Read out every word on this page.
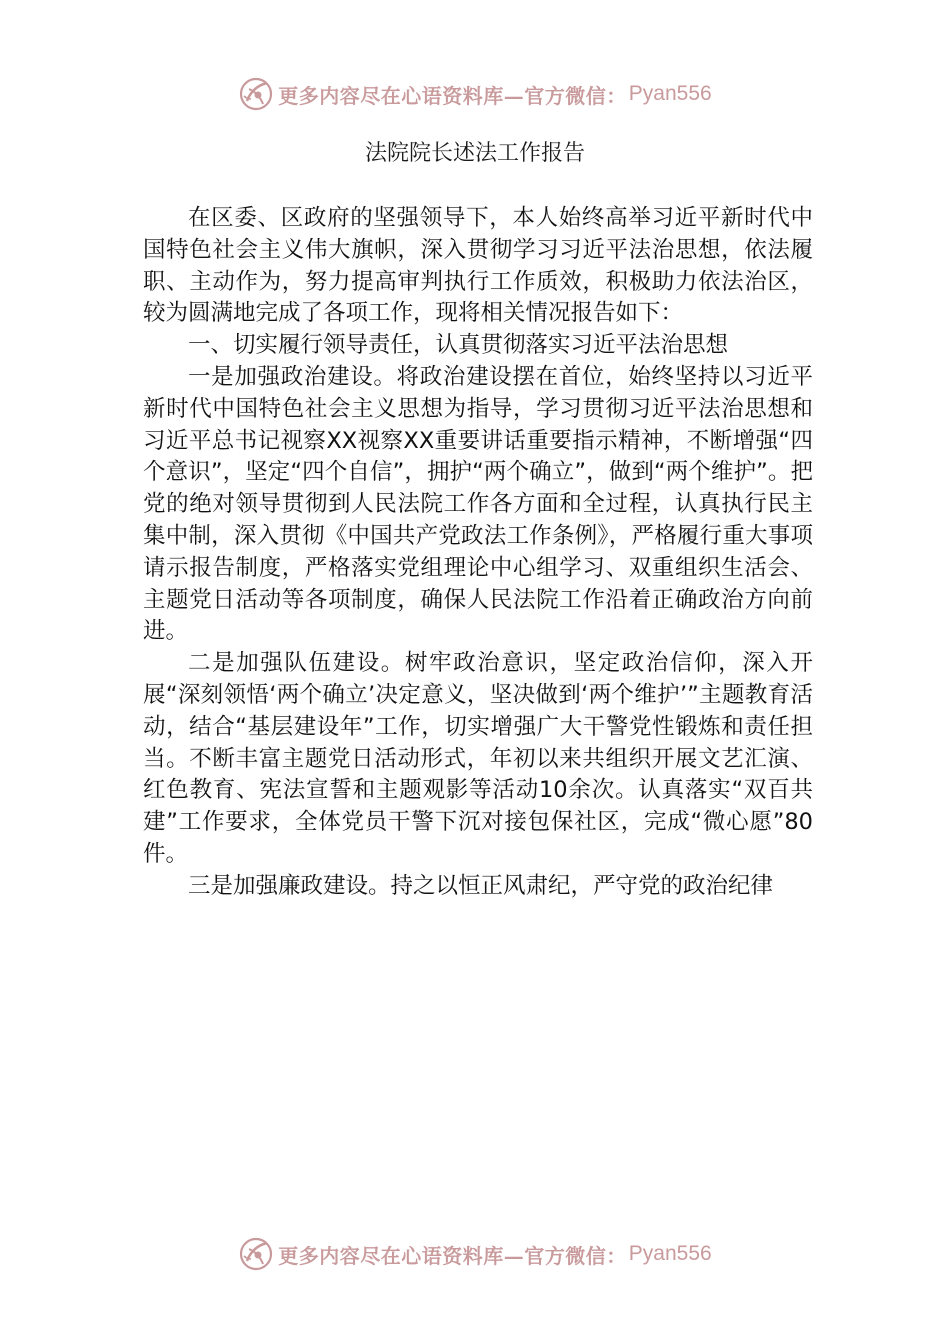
更多内容尽在心语资料库—官方微信： Pyan556
法院院长述法工作报告

在区委、区政府的坚强领导下，本人始终高举习近平新时代中国特色社会主义伟大旗帜，深入贯彻学习习近平法治思想，依法履职、主动作为，努力提高审判执行工作质效，积极助力依法治区，较为圆满地完成了各项工作，现将相关情况报告如下：

一、切实履行领导责任，认真贯彻落实习近平法治思想

一是加强政治建设。将政治建设摆在首位，始终坚持以习近平新时代中国特色社会主义思想为指导，学习贯彻习近平法治思想和习近平总书记视察XX视察XX重要讲话重要指示精神，不断增强“四个意识”，坚定“四个自信”，拥护“两个确立”，做到“两个维护”。把党的绝对领导贯彻到人民法院工作各方面和全过程，认真执行民主集中制，深入贯彻《中国共产党政法工作条例》，严格履行重大事项请示报告制度，严格落实党组理论中心组学习、双重组织生活会、主题党日活动等各项制度，确保人民法院工作沿着正确政治方向前进。

二是加强队伍建设。树牢政治意识，坚定政治信仰，深入开展“深刻领悟‘两个确立’决定意义，坚决做到‘两个维护’”主题教育活动，结合“基层建设年”工作，切实增强广大干警党性锻炼和责任担当。不断丰富主题党日活动形式，年初以来共组织开展文艺汇演、红色教育、宪法宣誓和主题观影等活动10余次。认真落实“双百共建”工作要求，全体党员干警下沉对接包保社区，完成“微心愿”80件。

三是加强廉政建设。持之以恒正风肃纪，严守党的政治纪律

更多内容尽在心语资料库—官方微信： Pyan556
